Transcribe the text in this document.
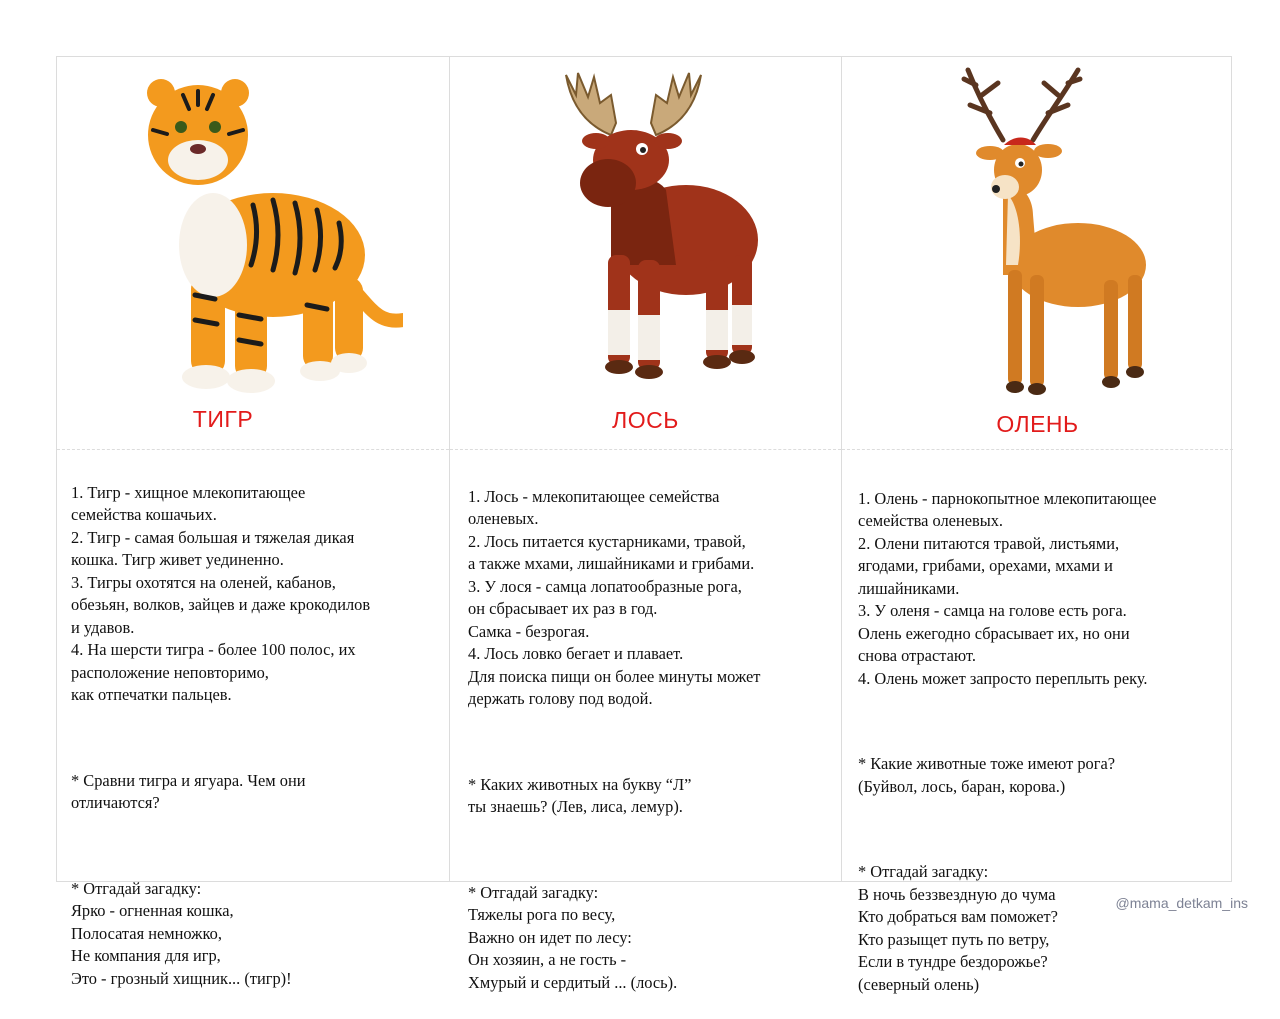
ТИГР

1. Тигр - хищное млекопитающее
семейства кошачьих.
2. Тигр - самая большая и тяжелая дикая
кошка. Тигр живет уединенно.
3. Тигры охотятся на оленей, кабанов,
обезьян, волков, зайцев и даже крокодилов
и удавов.
4. На шерсти тигра - более 100 полос, их
расположение неповторимо,
как отпечатки пальцев.

* Сравни тигра и ягуара. Чем они
отличаются?

* Отгадай загадку:
Ярко - огненная кошка,
Полосатая немножко,
Не компания для игр,
Это - грозный хищник... (тигр)!

ЛОСЬ

1. Лось - млекопитающее семейства
оленевых.
2. Лось питается кустарниками, травой,
а также мхами, лишайниками и грибами.
3. У лося - самца лопатообразные рога,
он сбрасывает их раз в год.
Самка - безрогая.
4. Лось ловко бегает и плавает.
Для поиска пищи он более минуты может
держать голову под водой.

* Каких животных на букву “Л”
ты знаешь? (Лев, лиса, лемур).

* Отгадай загадку:
Тяжелы рога по весу,
Важно он идет по лесу:
Он хозяин, а не гость -
Хмурый и сердитый ... (лось).

ОЛЕНЬ

1. Олень - парнокопытное млекопитающее
семейства оленевых.
2. Олени питаются травой, листьями,
ягодами, грибами, орехами, мхами и
лишайниками.
3. У оленя - самца на голове есть рога.
Олень ежегодно сбрасывает их, но они
снова отрастают.
4. Олень может запросто переплыть реку.

* Какие животные тоже имеют рога?
(Буйвол, лось, баран, корова.)

* Отгадай загадку:
В ночь беззвездную до чума
Кто добраться вам поможет?
Кто разыщет путь по ветру,
Если в тундре бездорожье?
(северный олень)

@mama_detkam_ins
